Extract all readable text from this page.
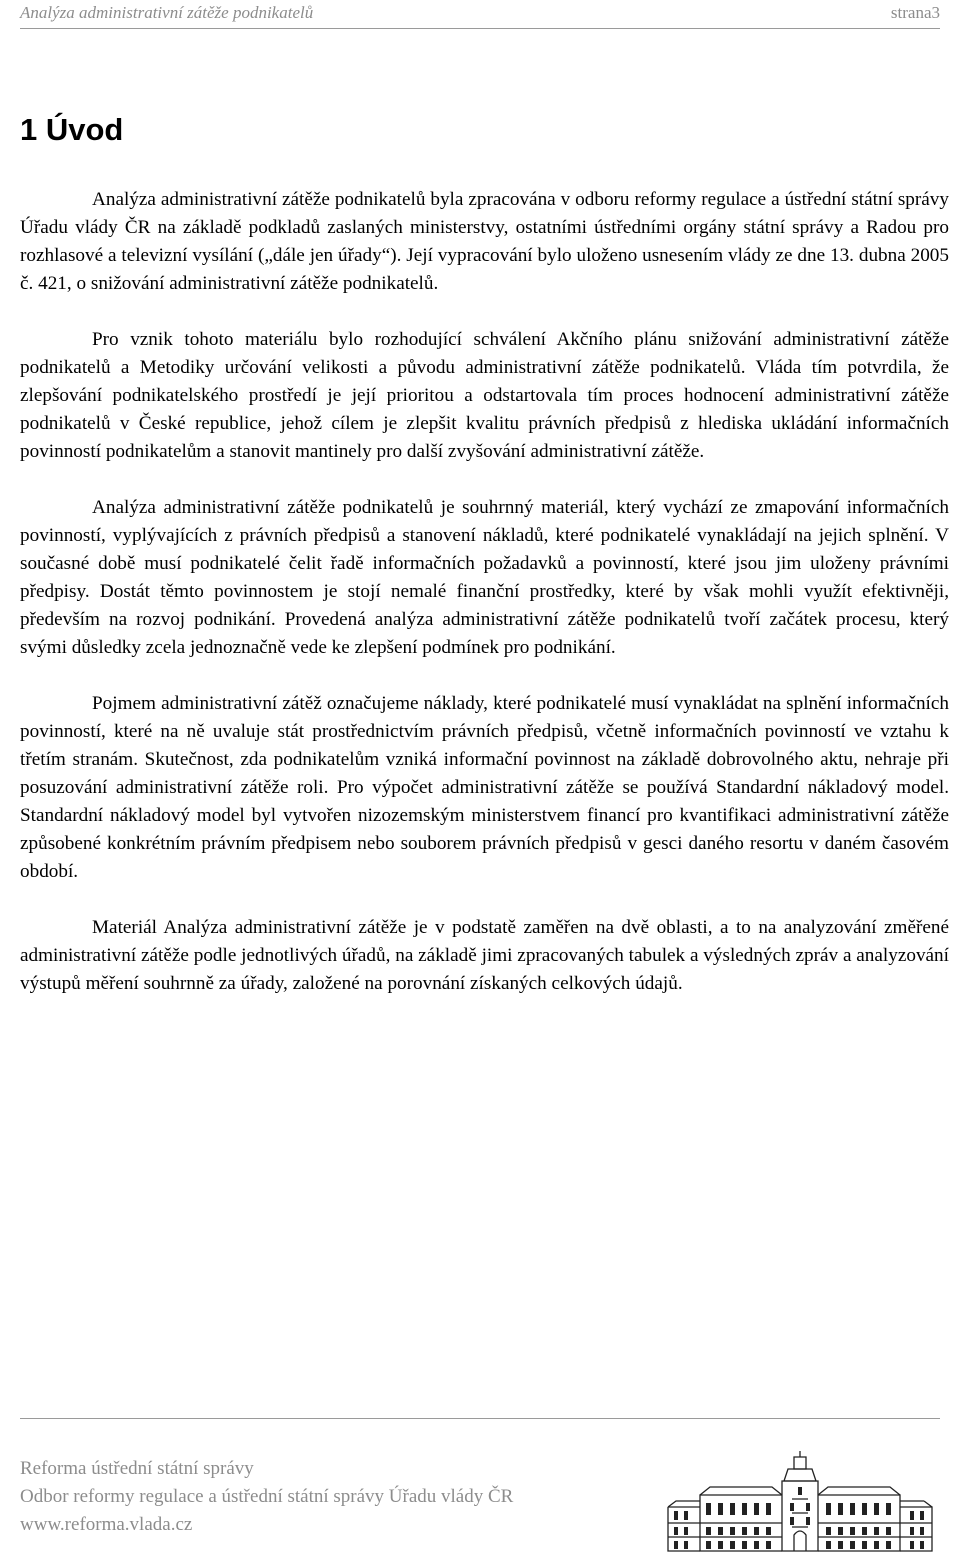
Analýza administrativní zátěže podnikatelů	strana3
1 Úvod

Analýza administrativní zátěže podnikatelů byla zpracována v odboru reformy regulace a ústřední státní správy Úřadu vlády ČR na základě podkladů zaslaných ministerstvy, ostatními ústředními orgány státní správy a Radou pro rozhlasové a televizní vysílání („dále jen úřady“). Její vypracování bylo uloženo usnesením vlády ze dne 13. dubna 2005 č. 421, o snižování administrativní zátěže podnikatelů.

Pro vznik tohoto materiálu bylo rozhodující schválení Akčního plánu snižování administrativní zátěže podnikatelů a Metodiky určování velikosti a původu administrativní zátěže podnikatelů. Vláda tím potvrdila, že zlepšování podnikatelského prostředí je její prioritou a odstartovala tím proces hodnocení administrativní zátěže podnikatelů v České republice, jehož cílem je zlepšit kvalitu právních předpisů z hlediska ukládání informačních povinností podnikatelům a stanovit mantinely pro další zvyšování administrativní zátěže.

Analýza administrativní zátěže podnikatelů je souhrnný materiál, který vychází ze zmapování informačních povinností, vyplývajících z právních předpisů a stanovení nákladů, které podnikatelé vynakládají na jejich splnění. V současné době musí podnikatelé čelit řadě informačních požadavků a povinností, které jsou jim uloženy právními předpisy. Dostát těmto povinnostem je stojí nemalé finanční prostředky, které by však mohli využít efektivněji, především na rozvoj podnikání. Provedená analýza administrativní zátěže podnikatelů tvoří začátek procesu, který svými důsledky zcela jednoznačně vede ke zlepšení podmínek pro podnikání.

Pojmem administrativní zátěž označujeme náklady, které podnikatelé musí vynakládat na splnění informačních povinností, které na ně uvaluje stát prostřednictvím právních předpisů, včetně informačních povinností ve vztahu k třetím stranám. Skutečnost, zda podnikatelům vzniká informační povinnost na základě dobrovolného aktu, nehraje při posuzování administrativní zátěže roli. Pro výpočet administrativní zátěže se používá Standardní nákladový model. Standardní nákladový model byl vytvořen nizozemským ministerstvem financí pro kvantifikaci administrativní zátěže způsobené konkrétním právním předpisem nebo souborem právních předpisů v gesci daného resortu v daném časovém období.

Materiál Analýza administrativní zátěže je v podstatě zaměřen na dvě oblasti, a to na analyzování změřené administrativní zátěže podle jednotlivých úřadů, na základě jimi zpracovaných tabulek a výsledných zpráv a analyzování výstupů měření souhrnně za úřady, založené na porovnání získaných celkových údajů.

Reforma ústřední státní správy
Odbor reformy regulace a ústřední státní správy Úřadu vlády ČR
www.reforma.vlada.cz
